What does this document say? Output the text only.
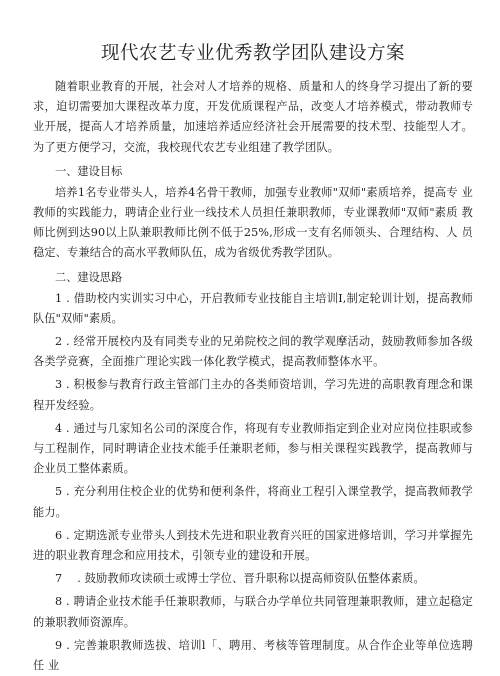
现代农艺专业优秀教学团队建设方案

随着职业教育的开展，社会对人才培养的规格、质量和人的终身学习提出了新的要 求，迫切需要加大课程改革力度，开发优质课程产品，改变人才培养模式，带动教师专 业开展，提高人才培养质量，加速培养适应经济社会开展需要的技术型、技能型人才。 为了更方便学习，交流，我校现代农艺专业组建了教学团队。

一、建设目标

培养1名专业带头人，培养4名骨干教师，加强专业教师"双师"素质培养，提高专 业教师的实践能力，聘请企业行业一线技术人员担任兼职教师，专业课教师"双师"素质 教师比例到达90以上队兼职教师比例不低于25%,形成一支有名师领头、合理结构、人 员稳定、专兼结合的高水平教师队伍，成为省级优秀教学团队。

二、建设思路

1 . 借助校内实训实习中心，开启教师专业技能自主培训I,制定轮训计划，提高教师 队伍"双师"素质。

2 . 经常开展校内及有同类专业的兄弟院校之间的教学观摩活动，鼓励教师参加各级 各类学竞赛，全面推广理论实践一体化教学模式，提高教师整体水平。

3 . 积极参与教育行政主管部门主办的各类师资培训，学习先进的高职教育理念和课 程开发经验。

4 . 通过与几家知名公司的深度合作，将现有专业教师指定到企业对应岗位挂职或参 与工程制作，同时聘请企业技术能手任兼职老师，参与相关课程实践教学，提高教师与 企业员工整体素质。

5 . 充分利用住校企业的优势和便利条件，将商业工程引入课堂教学，提高教师教学 能力。

6 . 定期选派专业带头人到技术先进和职业教育兴旺的国家进修培训，学习并掌握先 进的职业教育理念和应用技术，引领专业的建设和开展。

7　 . 鼓励教师攻读硕士或博士学位、晋升职称以提高师资队伍整体素质。

8 . 聘请企业技术能手任兼职教师，与联合办学单位共同管理兼职教师，建立起稳定 的兼职教师资源库。

9 . 完善兼职教师选拔、培训l「、聘用、考核等管理制度。从合作企业等单位选聘任 业
